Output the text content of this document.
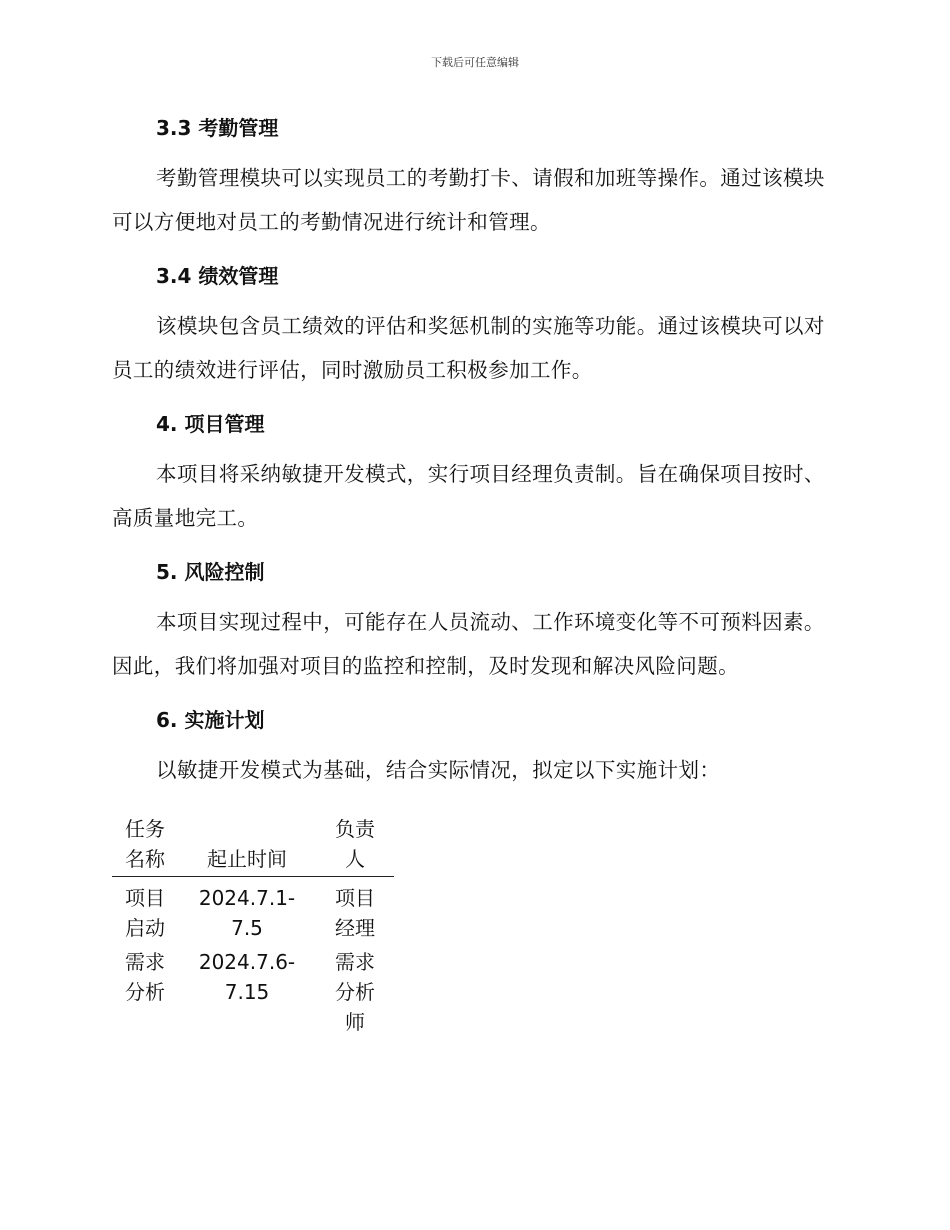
下载后可任意编辑
3.3 考勤管理

考勤管理模块可以实现员工的考勤打卡、请假和加班等操作。通过该模块可以方便地对员工的考勤情况进行统计和管理。

3.4 绩效管理

该模块包含员工绩效的评估和奖惩机制的实施等功能。通过该模块可以对员工的绩效进行评估，同时激励员工积极参加工作。

4. 项目管理

本项目将采纳敏捷开发模式，实行项目经理负责制。旨在确保项目按时、高质量地完工。

5. 风险控制

本项目实现过程中，可能存在人员流动、工作环境变化等不可预料因素。因此，我们将加强对项目的监控和控制，及时发现和解决风险问题。

6. 实施计划

以敏捷开发模式为基础，结合实际情况，拟定以下实施计划：

任务名称	起止时间	负责人
项目启动	2024.7.1-7.5	项目经理
需求分析	2024.7.6-7.15	需求分析师
